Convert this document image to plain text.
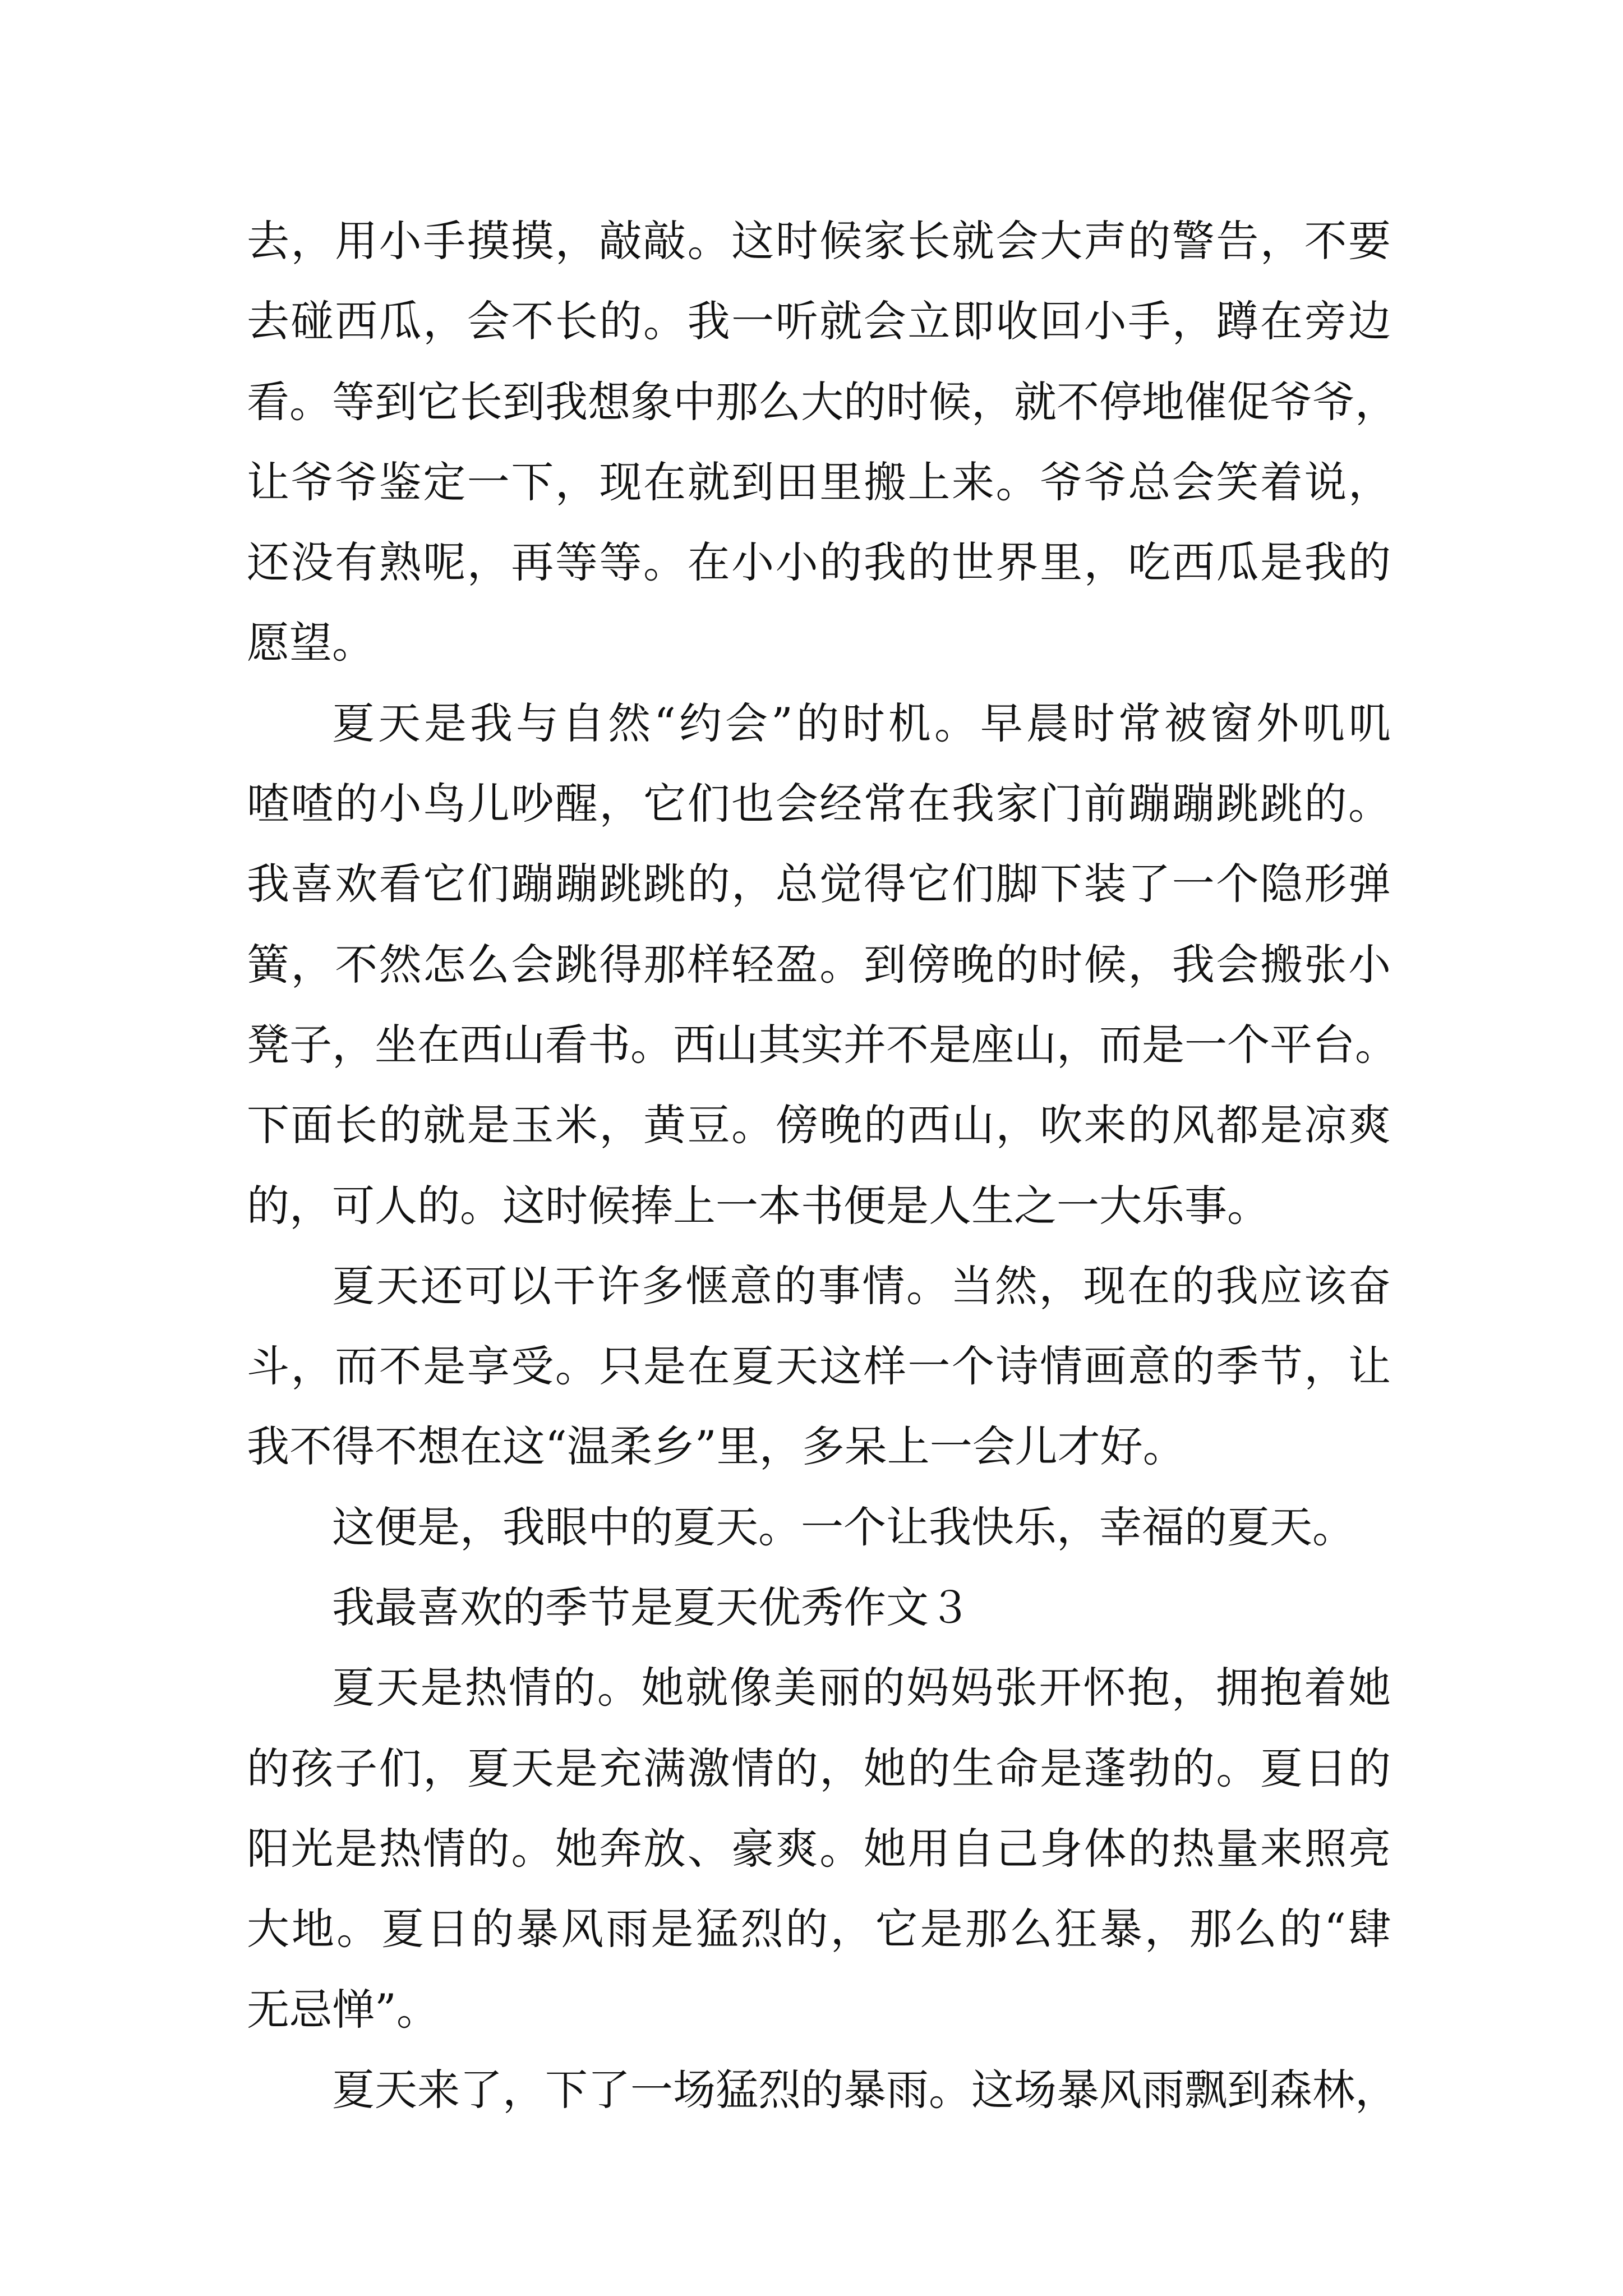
去，用小手摸摸，敲敲。这时候家长就会大声的警告，不要
去碰西瓜，会不长的。我一听就会立即收回小手，蹲在旁边
看。等到它长到我想象中那么大的时候，就不停地催促爷爷，
让爷爷鉴定一下，现在就到田里搬上来。爷爷总会笑着说，
还没有熟呢，再等等。在小小的我的世界里，吃西瓜是我的
愿望。
夏天是我与自然“约会”的时机。早晨时常被窗外叽叽
喳喳的小鸟儿吵醒，它们也会经常在我家门前蹦蹦跳跳的。
我喜欢看它们蹦蹦跳跳的，总觉得它们脚下装了一个隐形弹
簧，不然怎么会跳得那样轻盈。到傍晚的时候，我会搬张小
凳子，坐在西山看书。西山其实并不是座山，而是一个平台。
下面长的就是玉米，黄豆。傍晚的西山，吹来的风都是凉爽
的，可人的。这时候捧上一本书便是人生之一大乐事。
夏天还可以干许多惬意的事情。当然，现在的我应该奋
斗，而不是享受。只是在夏天这样一个诗情画意的季节，让
我不得不想在这“温柔乡”里，多呆上一会儿才好。
这便是，我眼中的夏天。一个让我快乐，幸福的夏天。
我最喜欢的季节是夏天优秀作文３
夏天是热情的。她就像美丽的妈妈张开怀抱，拥抱着她
的孩子们，夏天是充满激情的，她的生命是蓬勃的。夏日的
阳光是热情的。她奔放、豪爽。她用自己身体的热量来照亮
大地。夏日的暴风雨是猛烈的，它是那么狂暴，那么的“肆
无忌惮”。
夏天来了，下了一场猛烈的暴雨。这场暴风雨飘到森林，
